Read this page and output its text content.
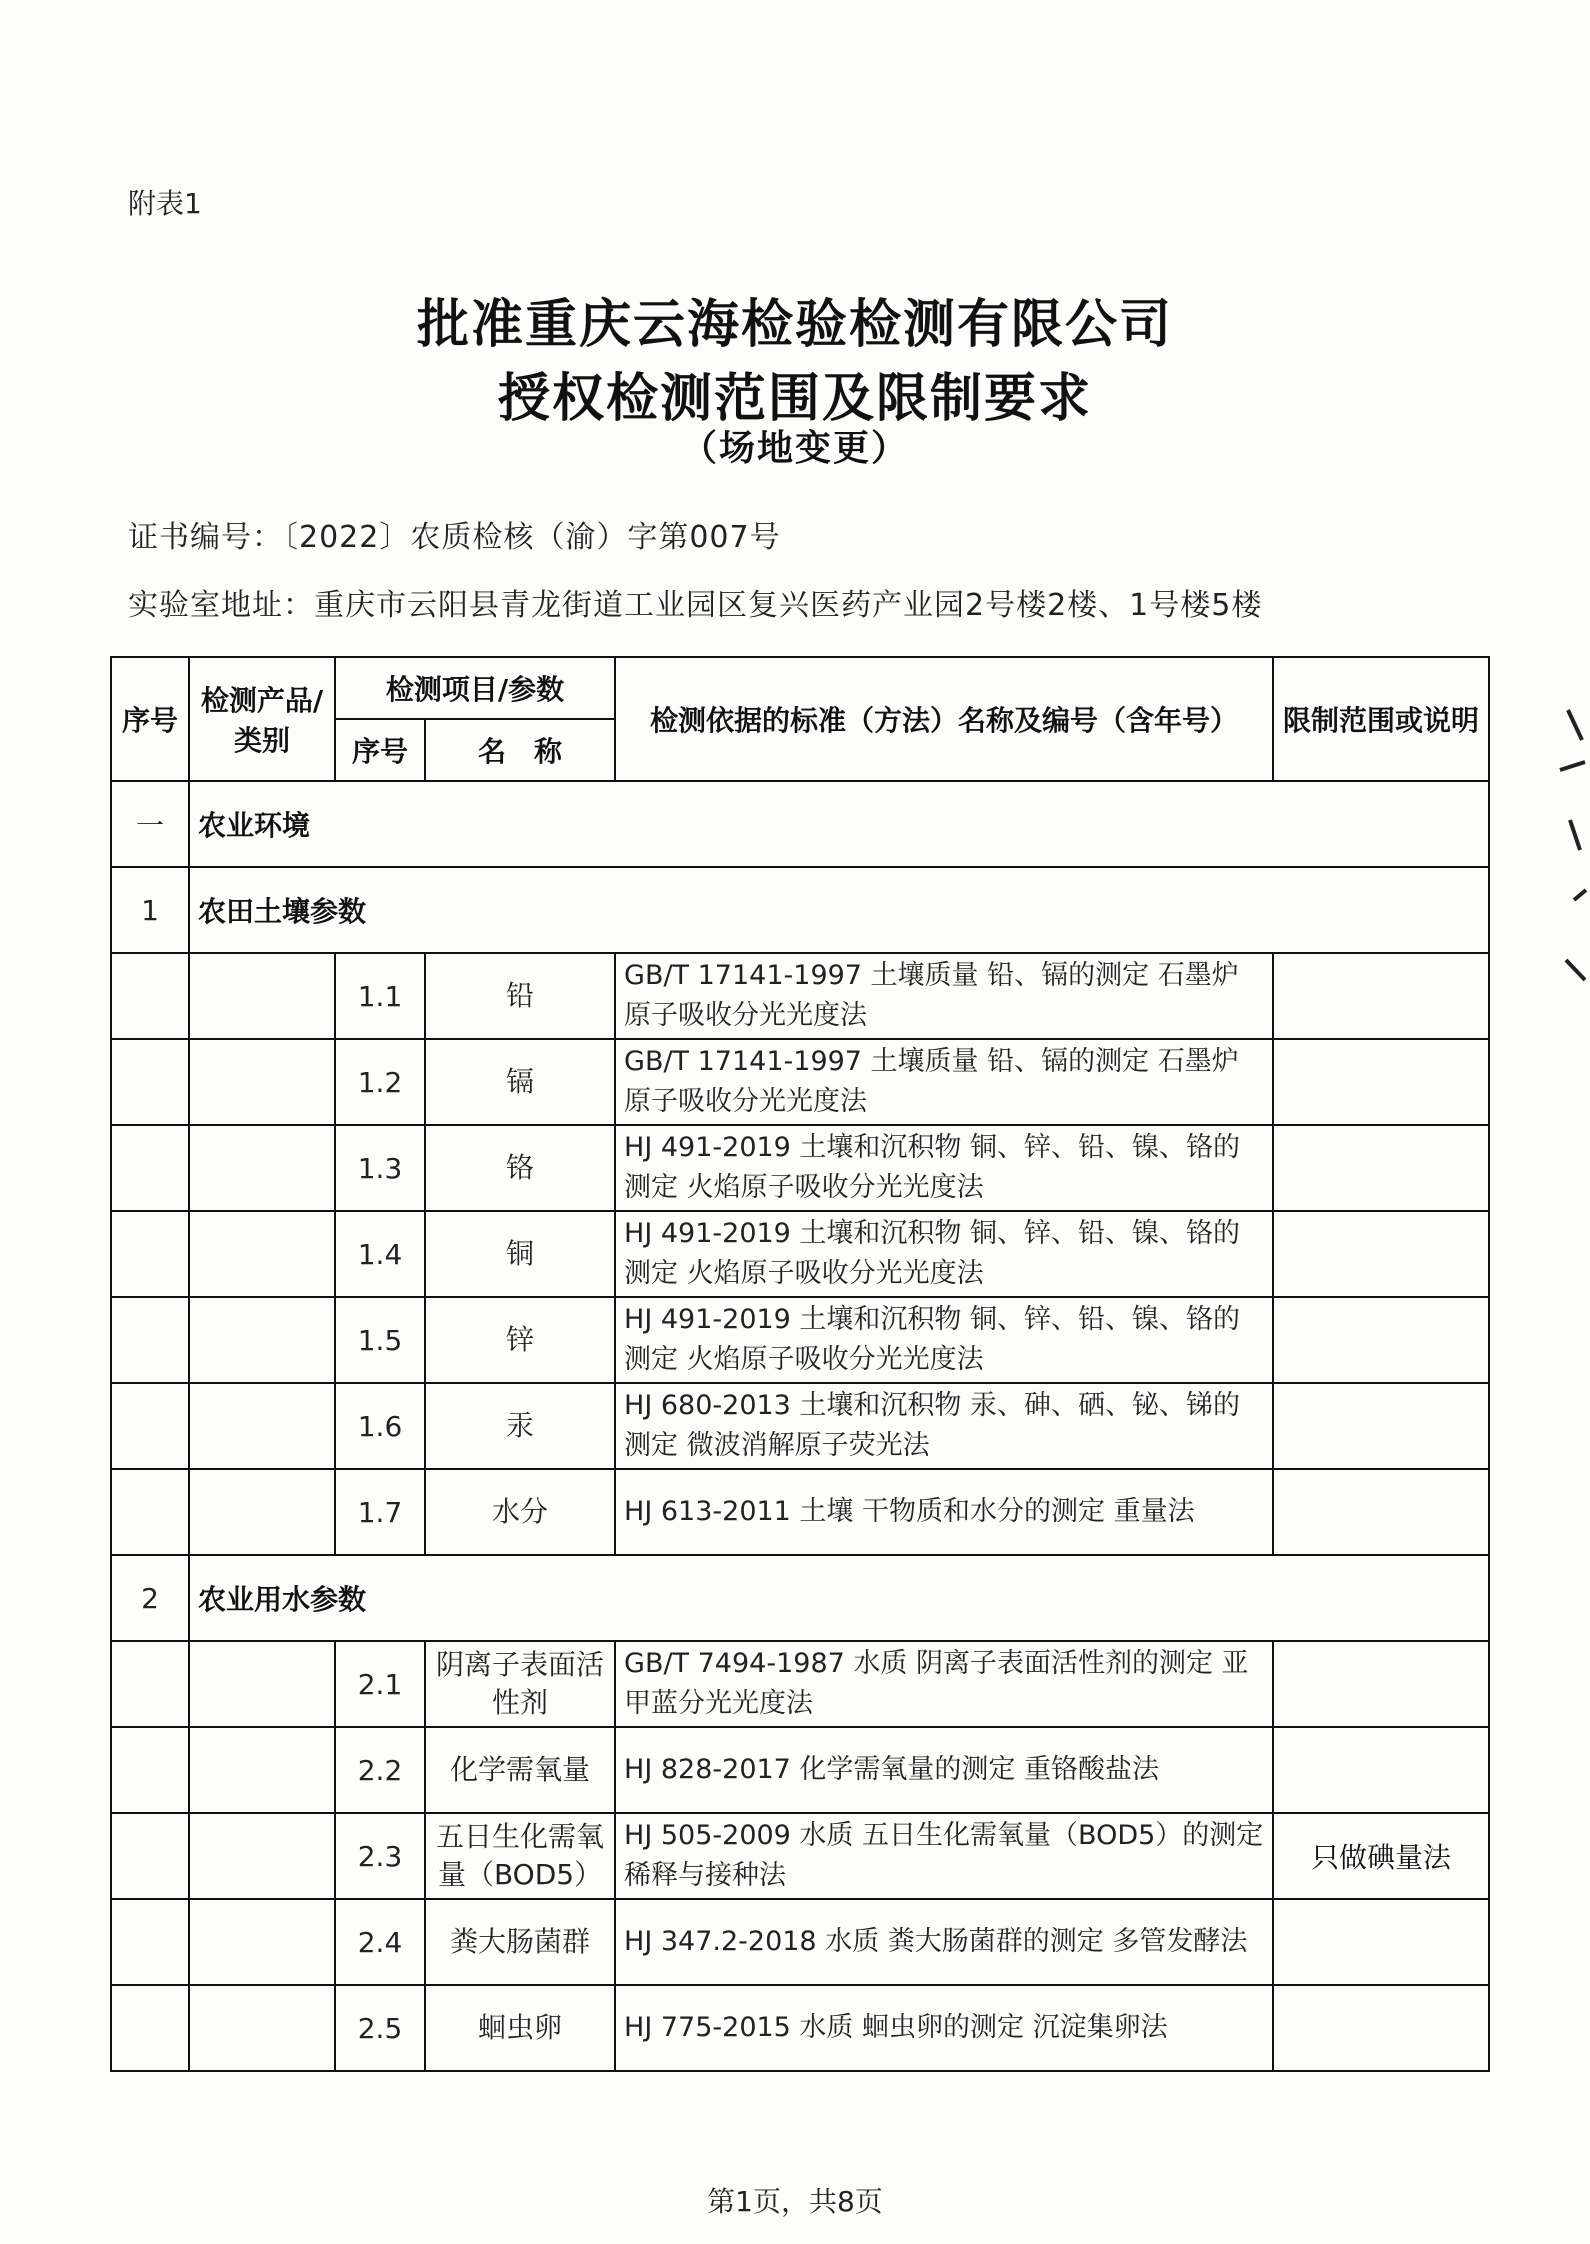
附表1
批准重庆云海检验检测有限公司
授权检测范围及限制要求
（场地变更）
证书编号：〔2022〕农质检核（渝）字第007号
实验室地址：重庆市云阳县青龙街道工业园区复兴医药产业园2号楼2楼、1号楼5楼
序号	检测产品/类别	检测项目/参数		检测依据的标准（方法）名称及编号（含年号）	限制范围或说明
		序号	名　称		
一	农业环境				
1	农田土壤参数				
		1.1	铅	GB/T 17141-1997 土壤质量 铅、镉的测定 石墨炉原子吸收分光光度法	
		1.2	镉	GB/T 17141-1997 土壤质量 铅、镉的测定 石墨炉原子吸收分光光度法	
		1.3	铬	HJ 491-2019 土壤和沉积物 铜、锌、铅、镍、铬的测定 火焰原子吸收分光光度法	
		1.4	铜	HJ 491-2019 土壤和沉积物 铜、锌、铅、镍、铬的测定 火焰原子吸收分光光度法	
		1.5	锌	HJ 491-2019 土壤和沉积物 铜、锌、铅、镍、铬的测定 火焰原子吸收分光光度法	
		1.6	汞	HJ 680-2013 土壤和沉积物 汞、砷、硒、铋、锑的测定 微波消解原子荧光法	
		1.7	水分	HJ 613-2011 土壤 干物质和水分的测定 重量法	
2	农业用水参数				
		2.1	阴离子表面活性剂	GB/T 7494-1987 水质 阴离子表面活性剂的测定 亚甲蓝分光光度法	
		2.2	化学需氧量	HJ 828-2017 化学需氧量的测定 重铬酸盐法	
		2.3	五日生化需氧量（BOD5）	HJ 505-2009 水质 五日生化需氧量（BOD5）的测定 稀释与接种法	只做碘量法
		2.4	粪大肠菌群	HJ 347.2-2018 水质 粪大肠菌群的测定 多管发酵法	
		2.5	蛔虫卵	HJ 775-2015 水质 蛔虫卵的测定 沉淀集卵法	
第1页，共8页
